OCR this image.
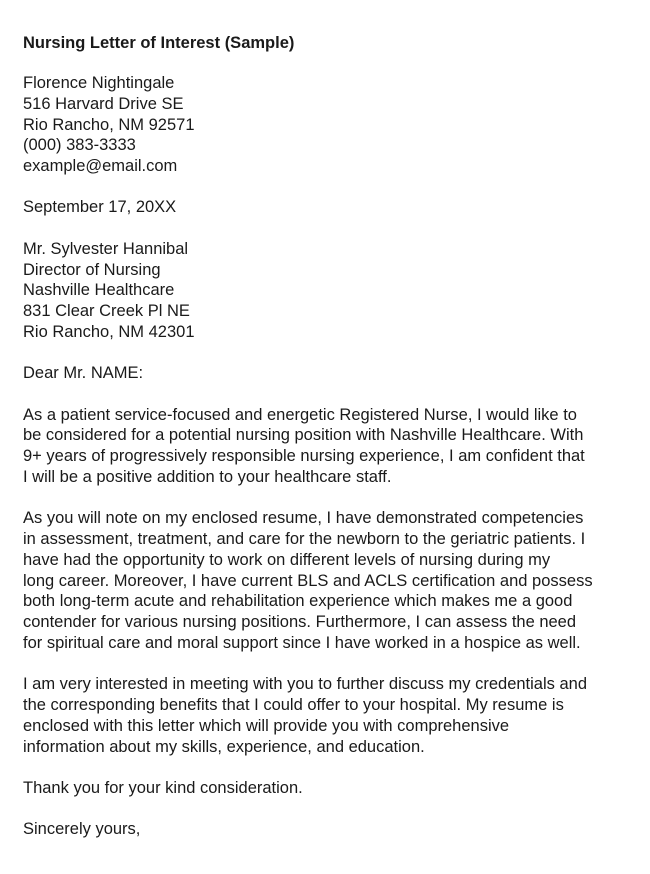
Nursing Letter of Interest (Sample)
Florence Nightingale
516 Harvard Drive SE
Rio Rancho, NM 92571
(000) 383-3333
example@email.com
September 17, 20XX
Mr. Sylvester Hannibal
Director of Nursing
Nashville Healthcare
831 Clear Creek Pl NE
Rio Rancho, NM 42301
Dear Mr. NAME:
As a patient service-focused and energetic Registered Nurse, I would like to
be considered for a potential nursing position with Nashville Healthcare. With
9+ years of progressively responsible nursing experience, I am confident that
I will be a positive addition to your healthcare staff.
As you will note on my enclosed resume, I have demonstrated competencies
in assessment, treatment, and care for the newborn to the geriatric patients. I
have had the opportunity to work on different levels of nursing during my
long career. Moreover, I have current BLS and ACLS certification and possess
both long-term acute and rehabilitation experience which makes me a good
contender for various nursing positions. Furthermore, I can assess the need
for spiritual care and moral support since I have worked in a hospice as well.
I am very interested in meeting with you to further discuss my credentials and
the corresponding benefits that I could offer to your hospital. My resume is
enclosed with this letter which will provide you with comprehensive
information about my skills, experience, and education.
Thank you for your kind consideration.
Sincerely yours,
